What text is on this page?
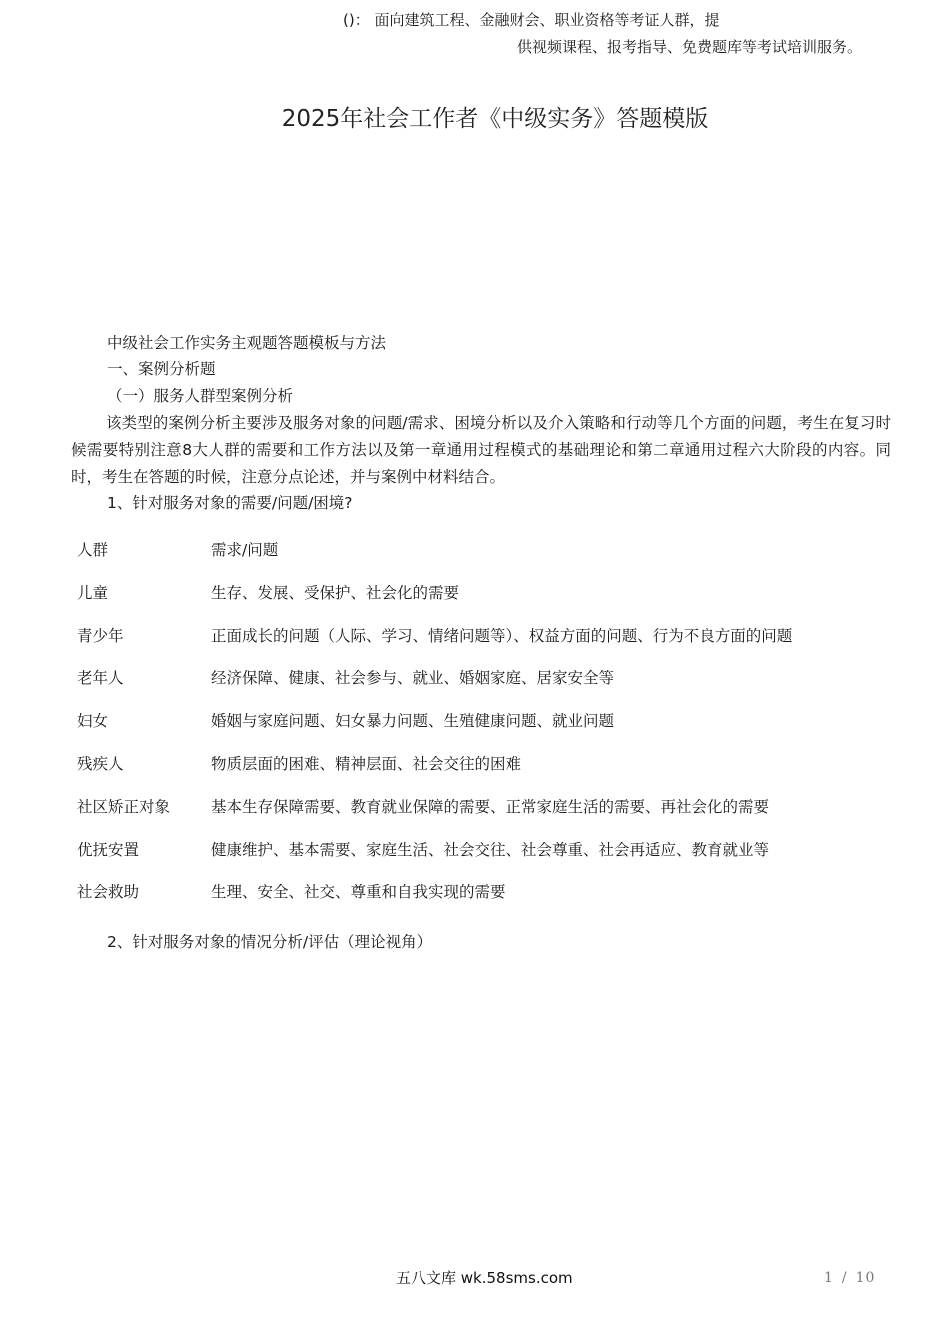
()： 面向建筑工程、金融财会、职业资格等考证人群，提
供视频课程、报考指导、免费题库等考试培训服务。
2025年社会工作者《中级实务》答题模版
中级社会工作实务主观题答题模板与方法
一、案例分析题
（一）服务人群型案例分析
该类型的案例分析主要涉及服务对象的问题/需求、困境分析以及介入策略和行动等几个方面的问题，考生在复习时候需要特别注意8大人群的需要和工作方法以及第一章通用过程模式的基础理论和第二章通用过程六大阶段的内容。同时，考生在答题的时候，注意分点论述，并与案例中材料结合。
1、针对服务对象的需要/问题/困境?
人群	需求/问题
儿童	生存、发展、受保护、社会化的需要
青少年	正面成长的问题（人际、学习、情绪问题等）、权益方面的问题、行为不良方面的问题
老年人	经济保障、健康、社会参与、就业、婚姻家庭、居家安全等
妇女	婚姻与家庭问题、妇女暴力问题、生殖健康问题、就业问题
残疾人	物质层面的困难、精神层面、社会交往的困难
社区矫正对象	基本生存保障需要、教育就业保障的需要、正常家庭生活的需要、再社会化的需要
优抚安置	健康维护、基本需要、家庭生活、社会交往、社会尊重、社会再适应、教育就业等
社会救助	生理、安全、社交、尊重和自我实现的需要
2、针对服务对象的情况分析/评估（理论视角）
五八文库 wk.58sms.com	1 / 10
